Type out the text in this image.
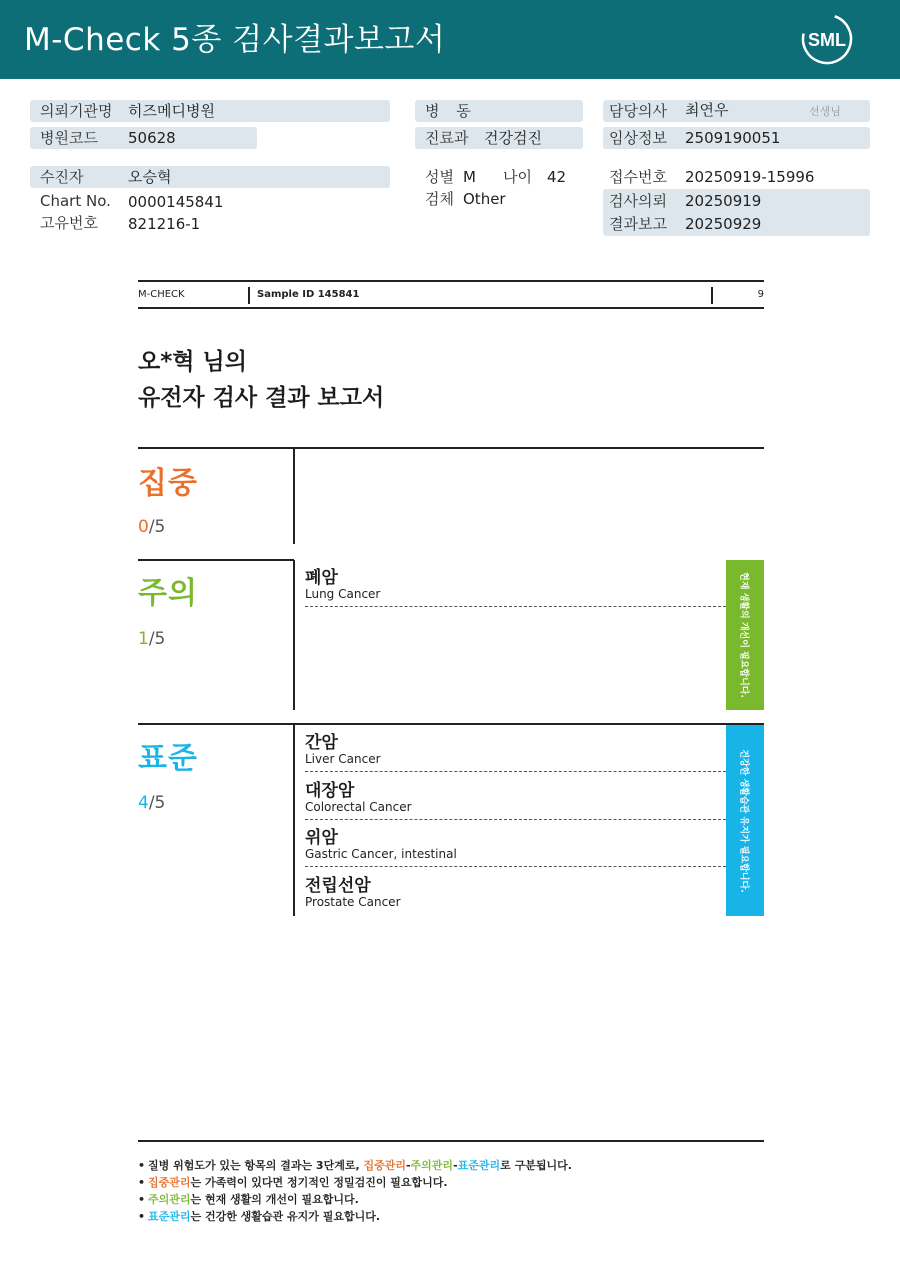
M-Check 5종 검사결과보고서	SML
의뢰기관명 히즈메디병원
병원코드 50628
수진자	오승혁
Chart No. 0000145841
고유번호 821216-1
병 동
진료과 건강검진
성별 M 나이 42
검체 Other
담당의사 최연우	선생님
임상정보 2509190051
접수번호 20250919-15996
검사의뢰 20250919
결과보고 20250929
M-CHECK	Sample ID 145841	9
오*혁 님의
유전자 검사 결과 보고서
집중
0/5
주의
1/5
폐암
Lung Cancer	현재 생활의 개선이 필요합니다.
표준
4/5
간암
Liver Cancer
대장암
Colorectal Cancer
위암
Gastric Cancer, intestinal
전립선암
Prostate Cancer
건강한 생활습관 유지가 필요합니다.
• 질병 위험도가 있는 항목의 결과는 3단계로, 집중관리-주의관리-표준관리로 구분됩니다.
• 집중관리는 가족력이 있다면 정기적인 정밀검진이 필요합니다.
• 주의관리는 현재 생활의 개선이 필요합니다.
• 표준관리는 건강한 생활습관 유지가 필요합니다.
